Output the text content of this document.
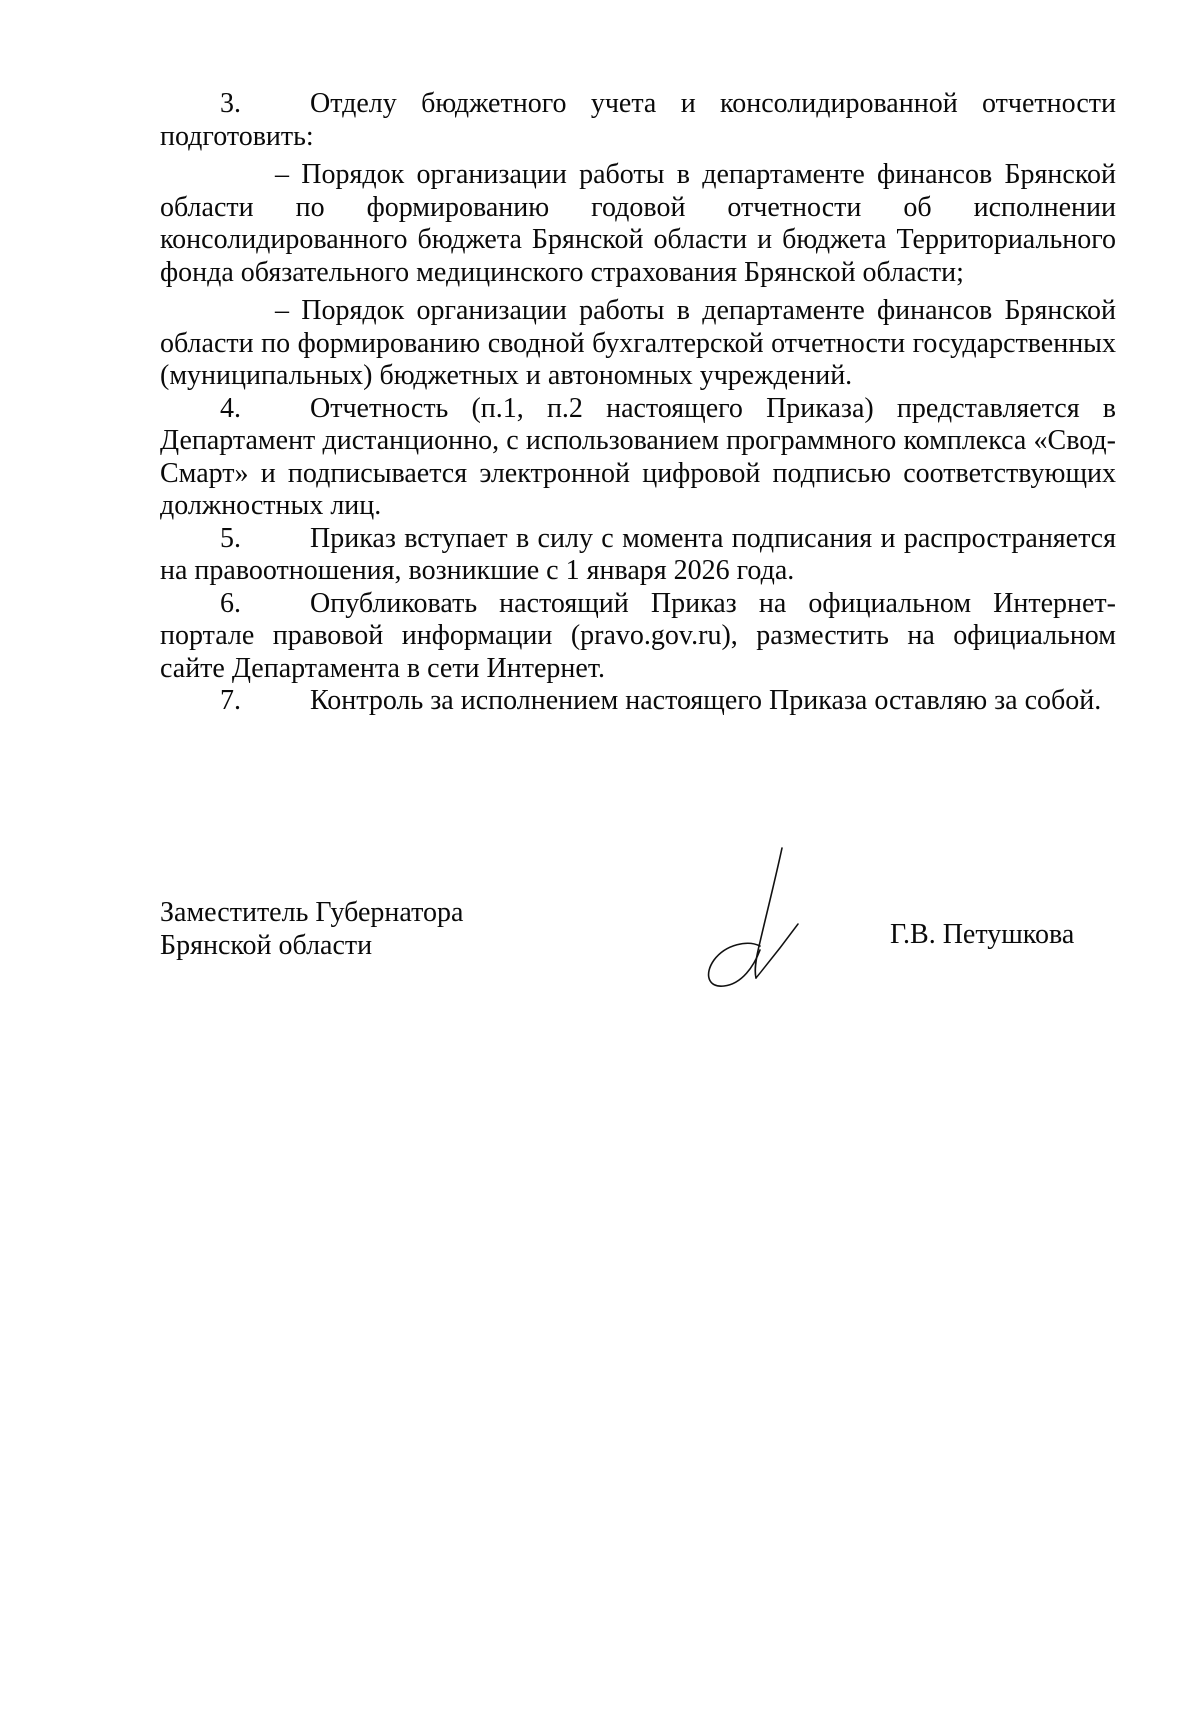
3. Отделу бюджетного учета и консолидированной отчетности подготовить:

– Порядок организации работы в департаменте финансов Брянской области по формированию годовой отчетности об исполнении консолидированного бюджета Брянской области и бюджета Территориального фонда обязательного медицинского страхования Брянской области;

– Порядок организации работы в департаменте финансов Брянской области по формированию сводной бухгалтерской отчетности государственных (муниципальных) бюджетных и автономных учреждений.

4. Отчетность (п.1, п.2 настоящего Приказа) представляется в Департамент дистанционно, с использованием программного комплекса «Свод-Смарт» и подписывается электронной цифровой подписью соответствующих должностных лиц.

5. Приказ вступает в силу с момента подписания и распространяется на правоотношения, возникшие с 1 января 2026 года.

6. Опубликовать настоящий Приказ на официальном Интернет-портале правовой информации (pravo.gov.ru), разместить на официальном сайте Департамента в сети Интернет.

7. Контроль за исполнением настоящего Приказа оставляю за собой.

Заместитель Губернатора
Брянской области	Г.В. Петушкова
